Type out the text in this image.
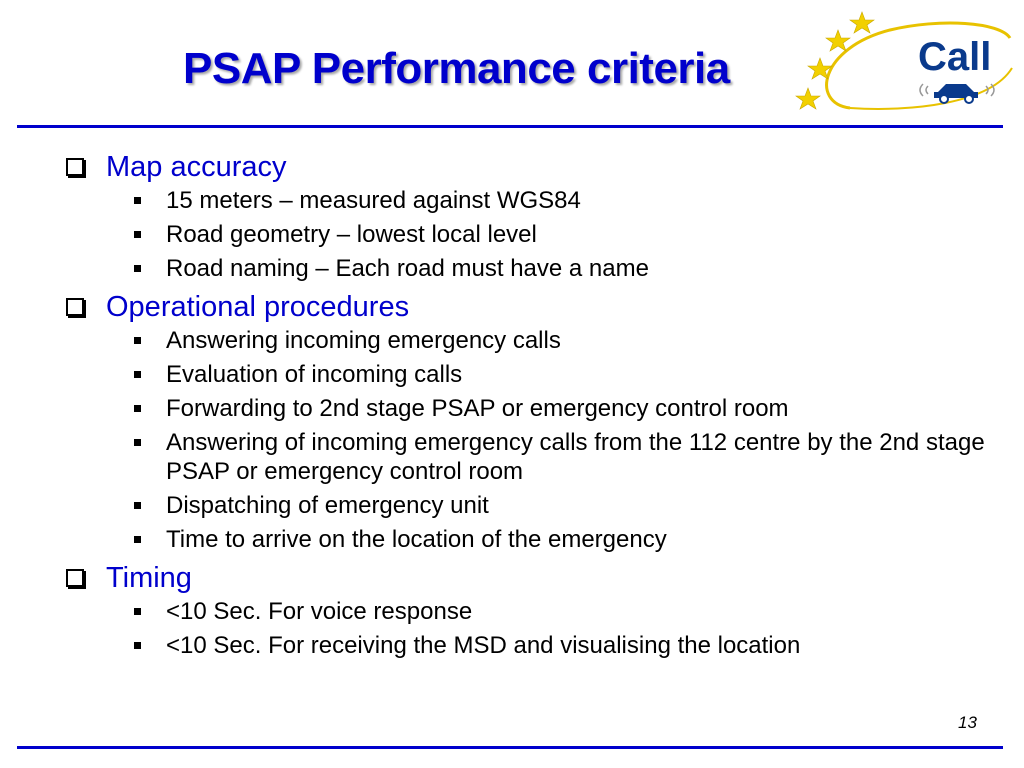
PSAP Performance criteria	Call
Map accuracy
15 meters – measured against WGS84
Road geometry – lowest local level
Road naming – Each road must have a name
Operational procedures
Answering incoming emergency calls
Evaluation of incoming calls
Forwarding to 2nd stage PSAP or emergency control room
Answering of incoming emergency calls from the 112 centre by the 2nd stage PSAP or emergency control room
Dispatching of emergency unit
Time to arrive on the location of the emergency
Timing
<10 Sec. For voice response
<10 Sec. For receiving the MSD and visualising the location
13
